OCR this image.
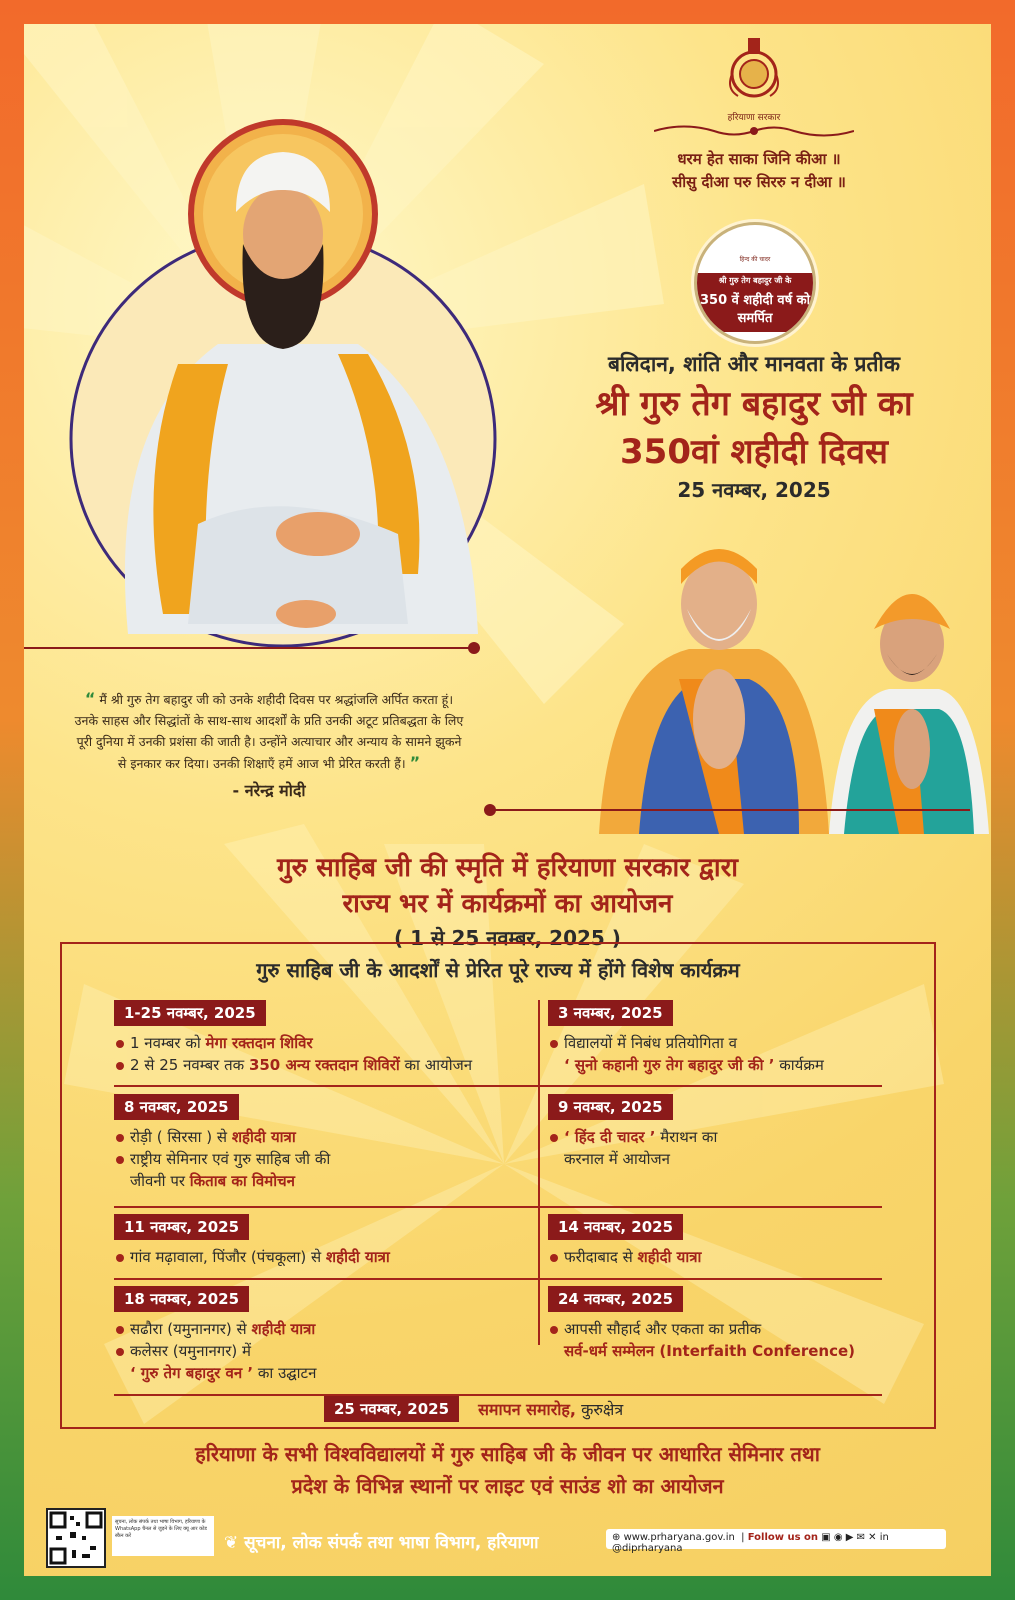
हरियाणा सरकार
धरम हेत साका जिनि कीआ ॥
सीसु दीआ परु सिररु न दीआ ॥
हिन्द की चादर
श्री गुरु तेग बहादुर जी के
350 वें शहीदी वर्ष को समर्पित
बलिदान, शांति और मानवता के प्रतीक
श्री गुरु तेग बहादुर जी का
350वां शहीदी दिवस
25 नवम्बर, 2025
“ मैं श्री गुरु तेग बहादुर जी को उनके शहीदी दिवस पर श्रद्धांजलि अर्पित करता हूं। उनके साहस और सिद्धांतों के साथ-साथ आदर्शों के प्रति उनकी अटूट प्रतिबद्धता के लिए पूरी दुनिया में उनकी प्रशंसा की जाती है। उन्होंने अत्याचार और अन्याय के सामने झुकने से इनकार कर दिया। उनकी शिक्षाएँ हमें आज भी प्रेरित करती हैं। ”
- नरेन्द्र मोदी
गुरु साहिब जी की स्मृति में हरियाणा सरकार द्वारा
राज्य भर में कार्यक्रमों का आयोजन
( 1 से 25 नवम्बर, 2025 )
गुरु साहिब जी के आदर्शों से प्रेरित पूरे राज्य में होंगे विशेष कार्यक्रम
1-25 नवम्बर, 2025
1 नवम्बर को मेगा रक्तदान शिविर
2 से 25 नवम्बर तक 350 अन्य रक्तदान शिविरों का आयोजन
3 नवम्बर, 2025
विद्यालयों में निबंध प्रतियोगिता व
‘ सुनो कहानी गुरु तेग बहादुर जी की ’ कार्यक्रम
8 नवम्बर, 2025
रोड़ी ( सिरसा ) से शहीदी यात्रा
राष्ट्रीय सेमिनार एवं गुरु साहिब जी की
जीवनी पर किताब का विमोचन
9 नवम्बर, 2025
‘ हिंद दी चादर ’ मैराथन का
करनाल में आयोजन
11 नवम्बर, 2025
गांव मढ़ावाला, पिंजौर (पंचकूला) से शहीदी यात्रा
14 नवम्बर, 2025
फरीदाबाद से शहीदी यात्रा
18 नवम्बर, 2025
सढौरा (यमुनानगर) से शहीदी यात्रा
कलेसर (यमुनानगर) में
‘ गुरु तेग बहादुर वन ’ का उद्घाटन
24 नवम्बर, 2025
आपसी सौहार्द और एकता का प्रतीक
सर्व-धर्म सम्मेलन (Interfaith Conference)
25 नवम्बर, 2025 समापन समारोह, कुरुक्षेत्र
हरियाणा के सभी विश्वविद्यालयों में गुरु साहिब जी के जीवन पर आधारित सेमिनार तथा
प्रदेश के विभिन्न स्थानों पर लाइट एवं साउंड शो का आयोजन
सूचना, लोक संपर्क तथा भाषा विभाग, हरियाणा के WhatsApp चैनल से जुड़ने के लिए क्यू आर कोड स्कैन करें	❦ सूचना, लोक संपर्क तथा भाषा विभाग, हरियाणा	⊕ www.prharyana.gov.in  | Follow us on ▣ ◉ ▶ ✉ ✕ in @diprharyana
